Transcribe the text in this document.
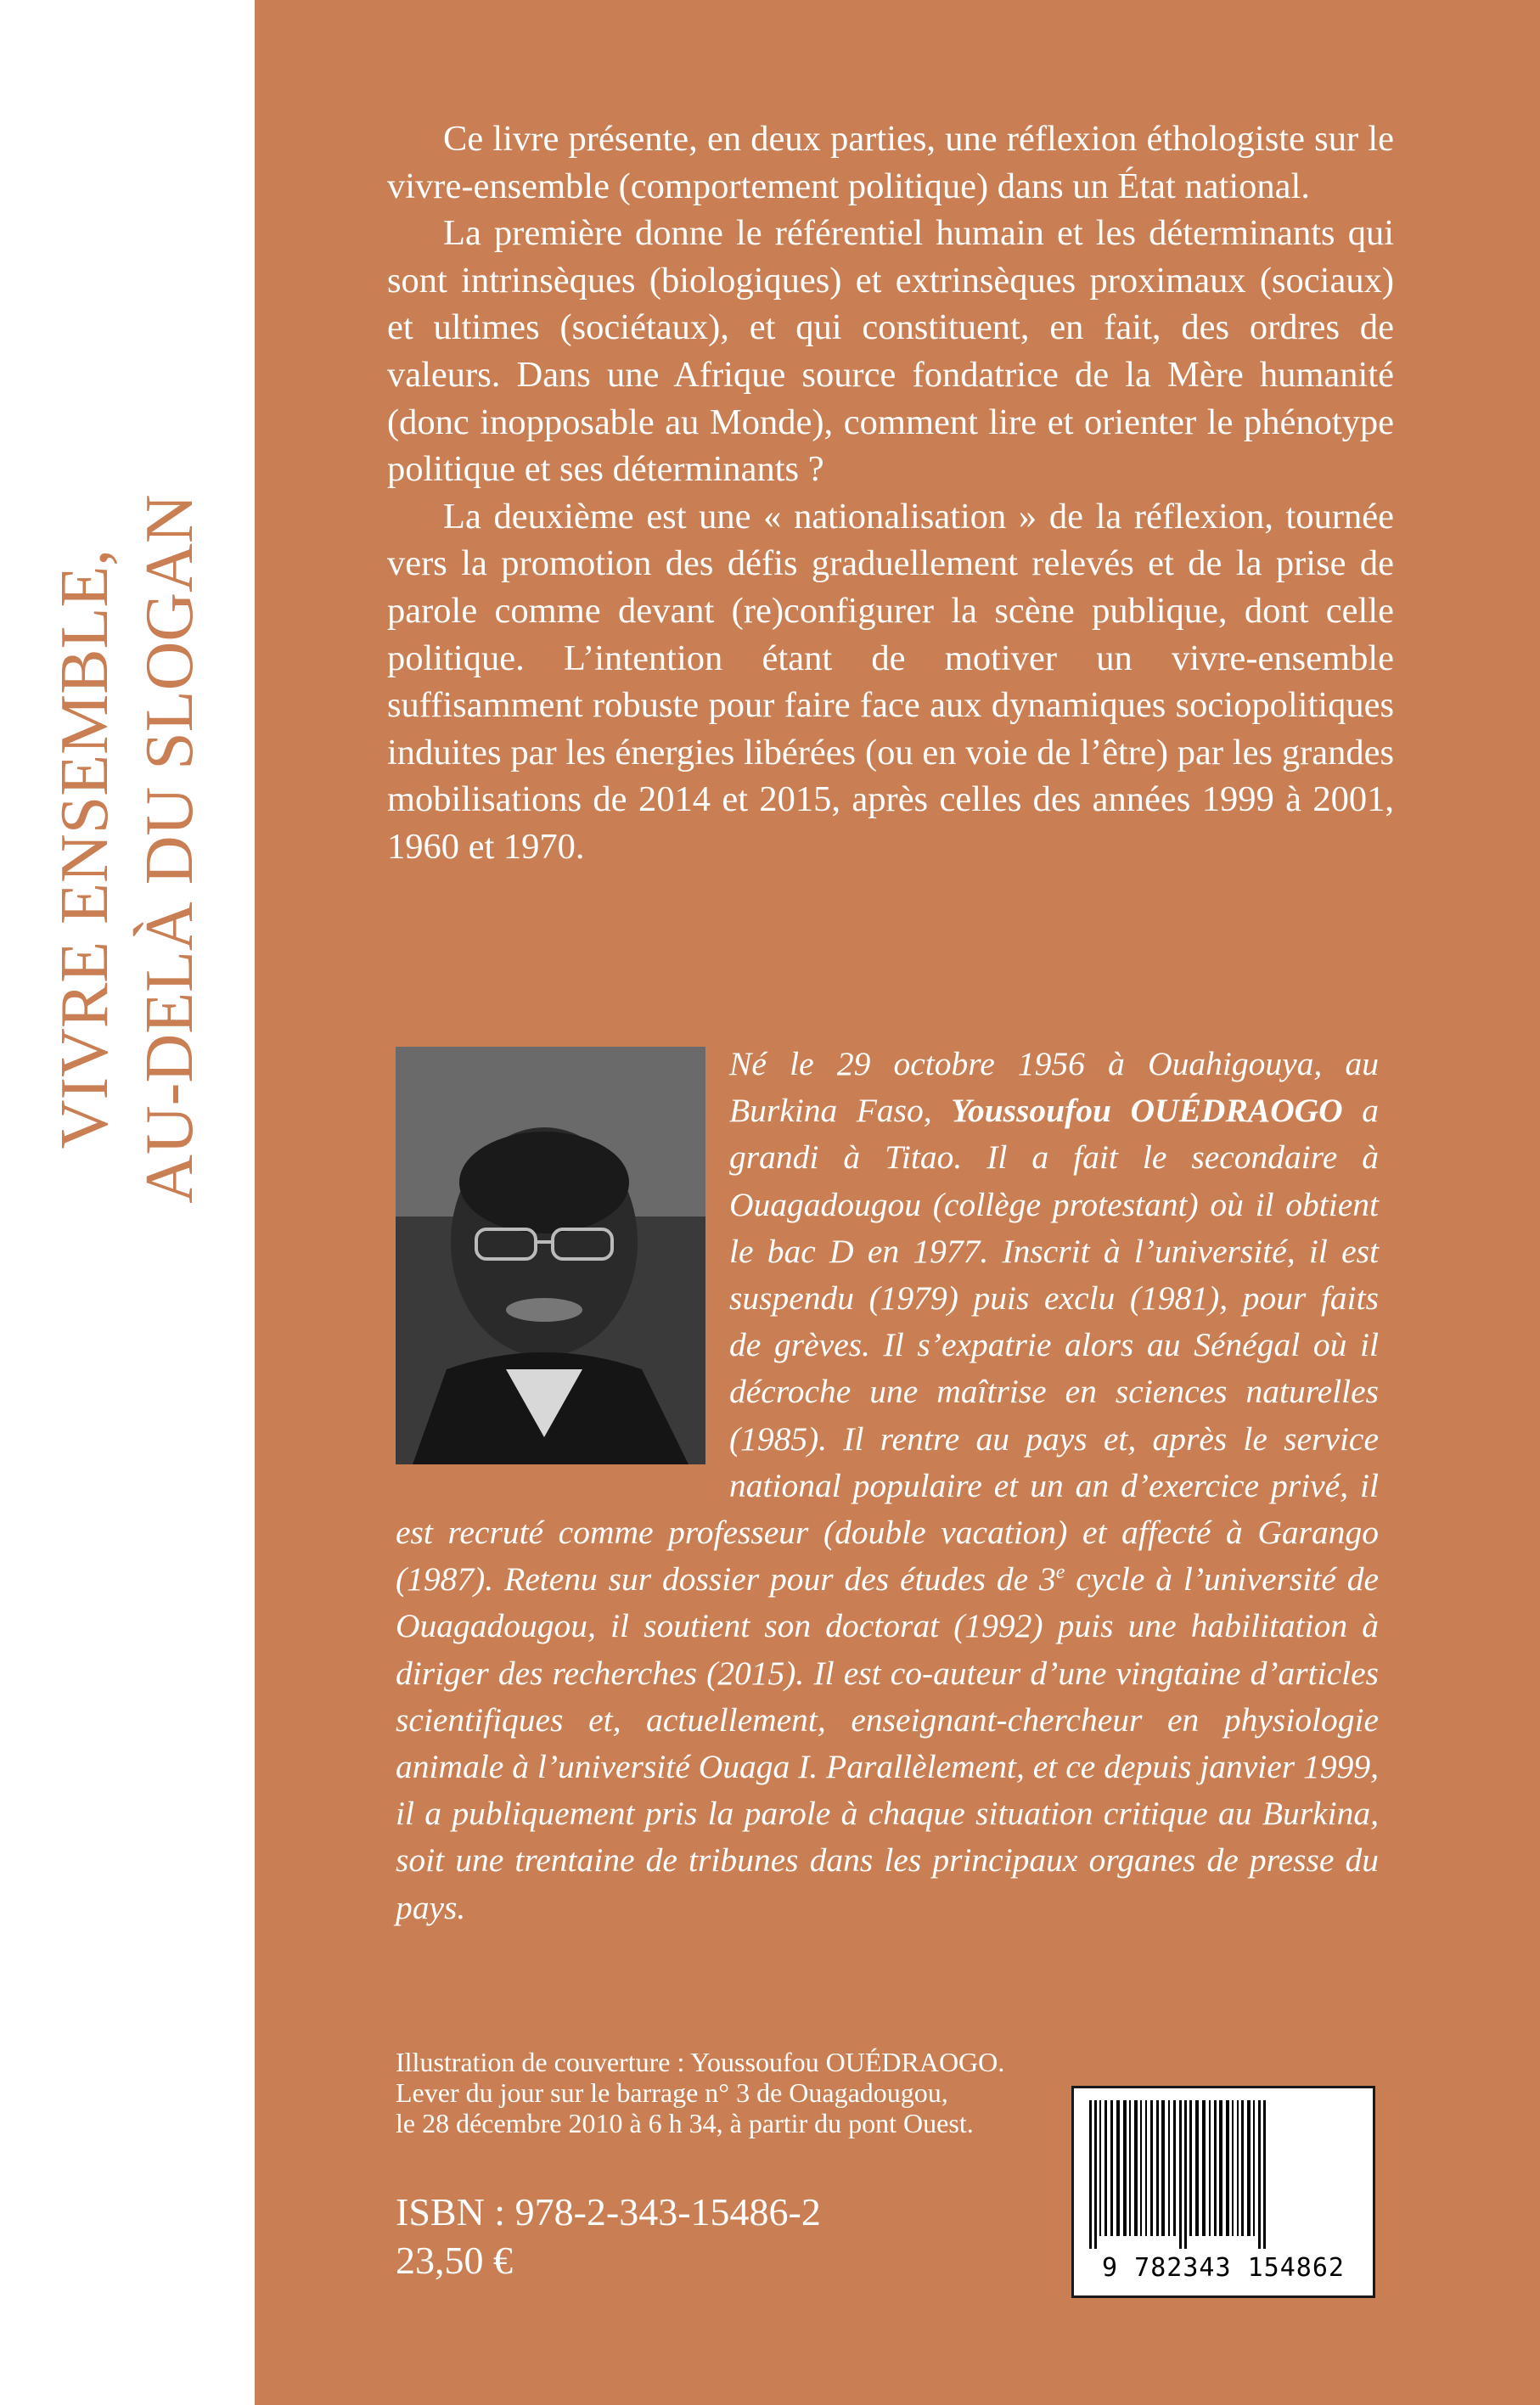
VIVRE ENSEMBLE, AU-DELÀ DU SLOGAN

Ce livre présente, en deux parties, une réflexion éthologiste sur le vivre-ensemble (comportement politique) dans un État national.

La première donne le référentiel humain et les déterminants qui sont intrinsèques (biologiques) et extrinsèques proximaux (sociaux) et ultimes (sociétaux), et qui constituent, en fait, des ordres de valeurs. Dans une Afrique source fondatrice de la Mère humanité (donc inopposable au Monde), comment lire et orienter le phénotype politique et ses déterminants ?

La deuxième est une « nationalisation » de la réflexion, tournée vers la promotion des défis graduellement relevés et de la prise de parole comme devant (re)configurer la scène publique, dont celle politique. L’intention étant de motiver un vivre-ensemble suffisamment robuste pour faire face aux dynamiques sociopolitiques induites par les énergies libérées (ou en voie de l’être) par les grandes mobilisations de 2014 et 2015, après celles des années 1999 à 2001, 1960 et 1970.

Né le 29 octobre 1956 à Ouahigouya, au Burkina Faso, Youssoufou OUÉDRAOGO a grandi à Titao. Il a fait le secondaire à Ouagadougou (collège protestant) où il obtient le bac D en 1977. Inscrit à l’université, il est suspendu (1979) puis exclu (1981), pour faits de grèves. Il s’expatrie alors au Sénégal où il décroche une maîtrise en sciences naturelles (1985). Il rentre au pays et, après le service national populaire et un an d’exercice privé, il est recruté comme professeur (double vacation) et affecté à Garango (1987). Retenu sur dossier pour des études de 3e cycle à l’université de Ouagadougou, il soutient son doctorat (1992) puis une habilitation à diriger des recherches (2015). Il est co-auteur d’une vingtaine d’articles scientifiques et, actuellement, enseignant-chercheur en physiologie animale à l’université Ouaga I. Parallèlement, et ce depuis janvier 1999, il a publiquement pris la parole à chaque situation critique au Burkina, soit une trentaine de tribunes dans les principaux organes de presse du pays.
Illustration de couverture : Youssoufou OUÉDRAOGO.
Lever du jour sur le barrage n° 3 de Ouagadougou,
le 28 décembre 2010 à 6 h 34, à partir du pont Ouest.
ISBN : 978-2-343-15486-2
23,50 €	9 782343 154862
